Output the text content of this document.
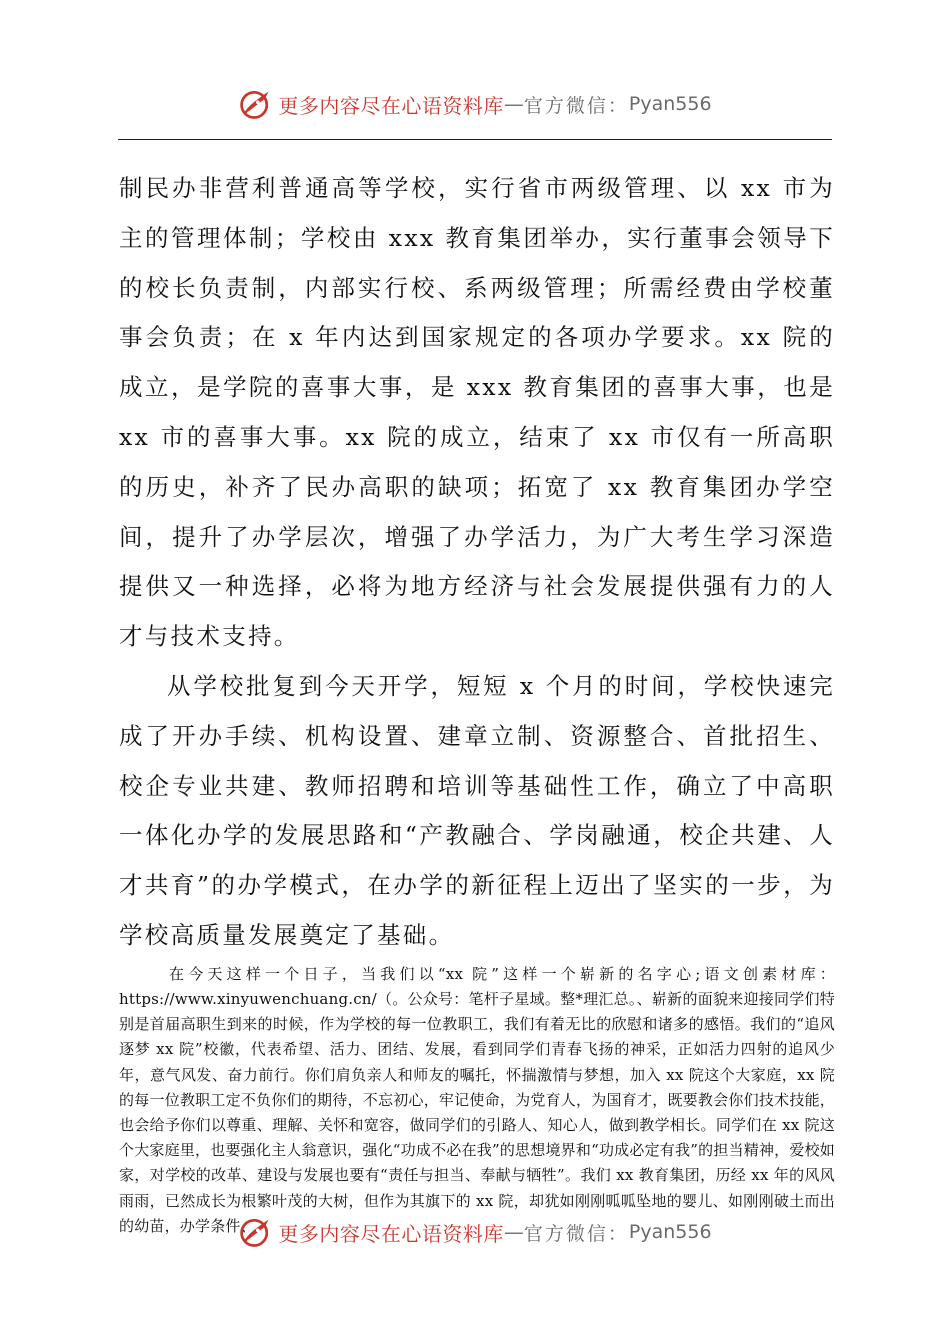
更多内容尽在心语资料库 — 官方微信： Pyan556

制民办非营利普通高等学校，实行省市两级管理、以 xx 市为主的管理体制；学校由 xxx 教育集团举办，实行董事会领导下的校长负责制，内部实行校、系两级管理；所需经费由学校董事会负责；在 x 年内达到国家规定的各项办学要求。xx 院的成立，是学院的喜事大事，是 xxx 教育集团的喜事大事，也是 xx 市的喜事大事。xx 院的成立，结束了 xx 市仅有一所高职的历史，补齐了民办高职的缺项；拓宽了 xx 教育集团办学空间，提升了办学层次，增强了办学活力，为广大考生学习深造提供又一种选择，必将为地方经济与社会发展提供强有力的人才与技术支持。

从学校批复到今天开学，短短 x 个月的时间，学校快速完成了开办手续、机构设置、建章立制、资源整合、首批招生、校企专业共建、教师招聘和培训等基础性工作，确立了中高职一体化办学的发展思路和“产教融合、学岗融通，校企共建、人才共育”的办学模式，在办学的新征程上迈出了坚实的一步，为学校高质量发展奠定了基础。

在今天这样一个日子，当我们以“xx 院”这样一个崭新的名字心;语文创素材库：https://www.xinyuwenchuang.cn/（。公众号：笔杆子星域。整*理汇总。、崭新的面貌来迎接同学们特别是首届高职生到来的时候，作为学校的每一位教职工，我们有着无比的欣慰和诸多的感悟。我们的“追风逐梦 xx 院”校徽，代表希望、活力、团结、发展，看到同学们青春飞扬的神采，正如活力四射的追风少年，意气风发、奋力前行。你们肩负亲人和师友的嘱托，怀揣激情与梦想，加入 xx 院这个大家庭，xx 院的每一位教职工定不负你们的期待，不忘初心，牢记使命，为党育人，为国育才，既要教会你们技术技能，也会给予你们以尊重、理解、关怀和宽容，做同学们的引路人、知心人，做到教学相长。同学们在 xx 院这个大家庭里，也要强化主人翁意识，强化“功成不必在我”的思想境界和“功成必定有我”的担当精神，爱校如家，对学校的改革、建设与发展也要有“责任与担当、奉献与牺牲”。我们 xx 教育集团，历经 xx 年的风风雨雨，已然成长为根繁叶茂的大树，但作为其旗下的 xx 院，却犹如刚刚呱呱坠地的婴儿、如刚刚破土而出的幼苗，办学条件、	更多内容尽在心语资料库 — 官方微信： Pyan556
